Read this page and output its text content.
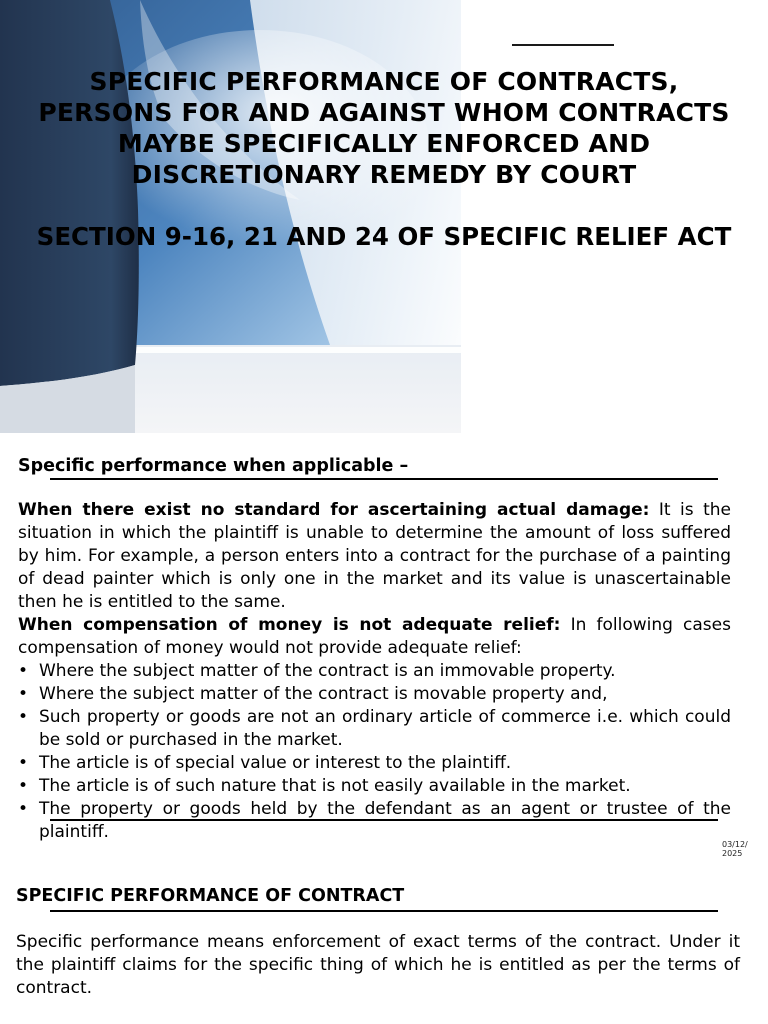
SPECIFIC PERFORMANCE OF CONTRACTS,
PERSONS FOR AND AGAINST WHOM CONTRACTS
MAYBE SPECIFICALLY ENFORCED AND
DISCRETIONARY REMEDY BY COURT
SECTION 9-16, 21 AND 24 OF SPECIFIC RELIEF ACT
Specific performance when applicable –

When there exist no standard for ascertaining actual damage: It is the situation in which the plaintiff is unable to determine the amount of loss suffered by him. For example, a person enters into a contract for the purchase of a painting of dead painter which is only one in the market and its value is unascertainable then he is entitled to the same.

When compensation of money is not adequate relief: In following cases compensation of money would not provide adequate relief:

• Where the subject matter of the contract is an immovable property.
• Where the subject matter of the contract is movable property and,
• Such property or goods are not an ordinary article of commerce i.e. which could be sold or purchased in the market.
• The article is of special value or interest to the plaintiff.
• The article is of such nature that is not easily available in the market.
• The property or goods held by the defendant as an agent or trustee of the plaintiff.
03/12/
2025
SPECIFIC PERFORMANCE OF CONTRACT

Specific performance means enforcement of exact terms of the contract. Under it the plaintiff claims for the specific thing of which he is entitled as per the terms of contract.
